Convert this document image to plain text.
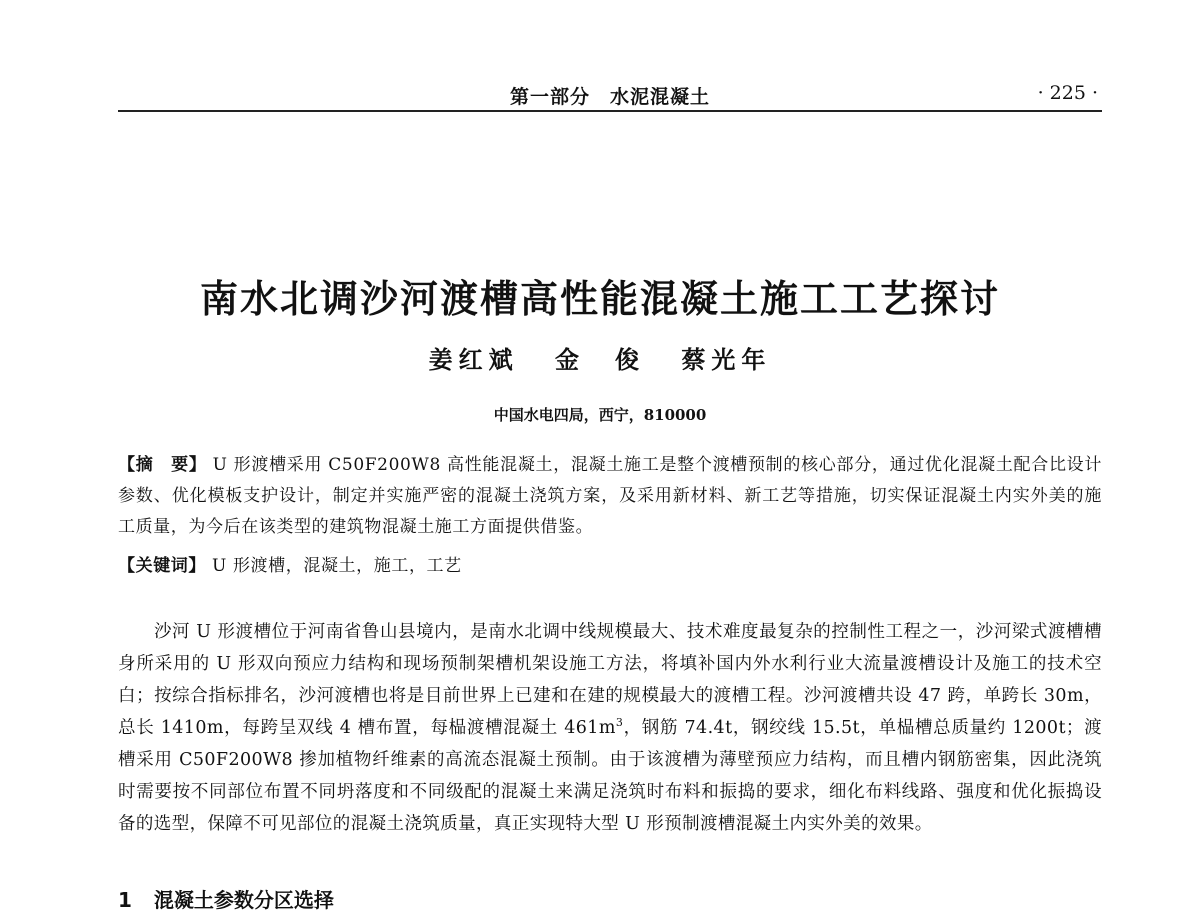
第一部分　水泥混凝土	· 225 ·
南水北调沙河渡槽高性能混凝土施工工艺探讨
姜红斌 金　俊 蔡光年
中国水电四局，西宁，810000
【摘　要】 U 形渡槽采用 C50F200W8 高性能混凝土，混凝土施工是整个渡槽预制的核心部分，通过优化混凝土配合比设计参数、优化模板支护设计，制定并实施严密的混凝土浇筑方案，及采用新材料、新工艺等措施，切实保证混凝土内实外美的施工质量，为今后在该类型的建筑物混凝土施工方面提供借鉴。
【关键词】 U 形渡槽，混凝土，施工，工艺

沙河 U 形渡槽位于河南省鲁山县境内，是南水北调中线规模最大、技术难度最复杂的控制性工程之一，沙河梁式渡槽槽身所采用的 U 形双向预应力结构和现场预制架槽机架设施工方法，将填补国内外水利行业大流量渡槽设计及施工的技术空白；按综合指标排名，沙河渡槽也将是目前世界上已建和在建的规模最大的渡槽工程。沙河渡槽共设 47 跨，单跨长 30m，总长 1410m，每跨呈双线 4 槽布置，每榀渡槽混凝土 $461m^3$，钢筋 74.4t，钢绞线 15.5t，单榀槽总质量约 1200t；渡槽采用 C50F200W8 掺加植物纤维素的高流态混凝土预制。由于该渡槽为薄壁预应力结构，而且槽内钢筋密集，因此浇筑时需要按不同部位布置不同坍落度和不同级配的混凝土来满足浇筑时布料和振捣的要求，细化布料线路、强度和优化振捣设备的选型，保障不可见部位的混凝土浇筑质量，真正实现特大型 U 形预制渡槽混凝土内实外美的效果。

1 混凝土参数分区选择
